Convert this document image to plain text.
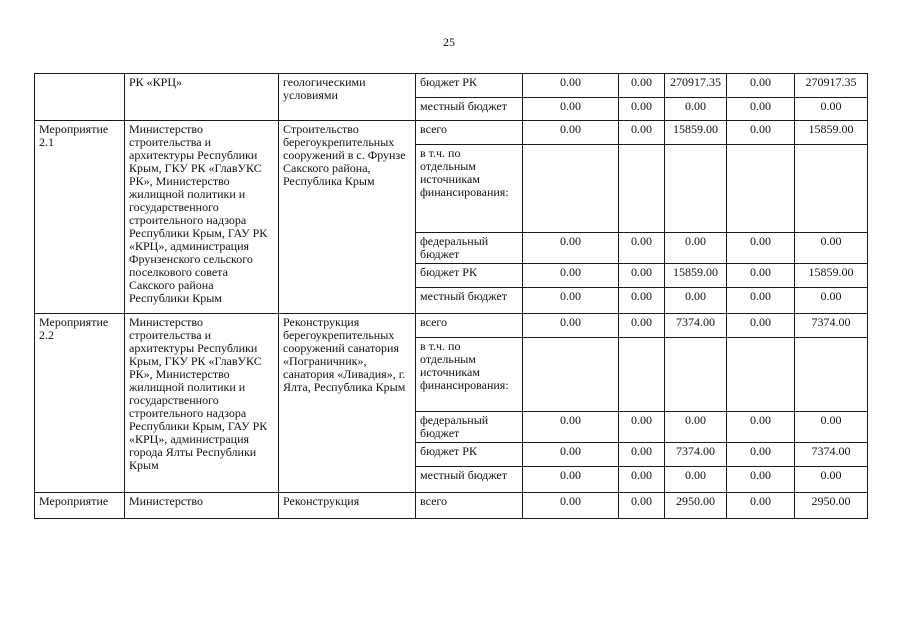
25
	РК «КРЦ»	геологическими условиями	бюджет РК	0.00	0.00	270917.35	0.00	270917.35
			местный бюджет	0.00	0.00	0.00	0.00	0.00
Мероприятие 2.1	Министерство строительства и архитектуры Республики Крым, ГКУ РК «ГлавУКС РК», Министерство жилищной политики и государственного строительного надзора Республики Крым, ГАУ РК «КРЦ», администрация Фрунзенского сельского поселкового совета Сакского района Республики Крым	Строительство берегоукрепительных сооружений в с. Фрунзе Сакского района, Республика Крым	всего	0.00	0.00	15859.00	0.00	15859.00
			в т.ч. по отдельным источникам финансирования:					
			федеральный бюджет	0.00	0.00	0.00	0.00	0.00
			бюджет РК	0.00	0.00	15859.00	0.00	15859.00
			местный бюджет	0.00	0.00	0.00	0.00	0.00
Мероприятие 2.2	Министерство строительства и архитектуры Республики Крым, ГКУ РК «ГлавУКС РК», Министерство жилищной политики и государственного строительного надзора Республики Крым, ГАУ РК «КРЦ», администрация города Ялты Республики Крым	Реконструкция берегоукрепительных сооружений санатория «Пограничник», санатория «Ливадия», г. Ялта, Республика Крым	всего	0.00	0.00	7374.00	0.00	7374.00
			в т.ч. по отдельным источникам финансирования:					
			федеральный бюджет	0.00	0.00	0.00	0.00	0.00
			бюджет РК	0.00	0.00	7374.00	0.00	7374.00
			местный бюджет	0.00	0.00	0.00	0.00	0.00
Мероприятие	Министерство	Реконструкция	всего	0.00	0.00	2950.00	0.00	2950.00
